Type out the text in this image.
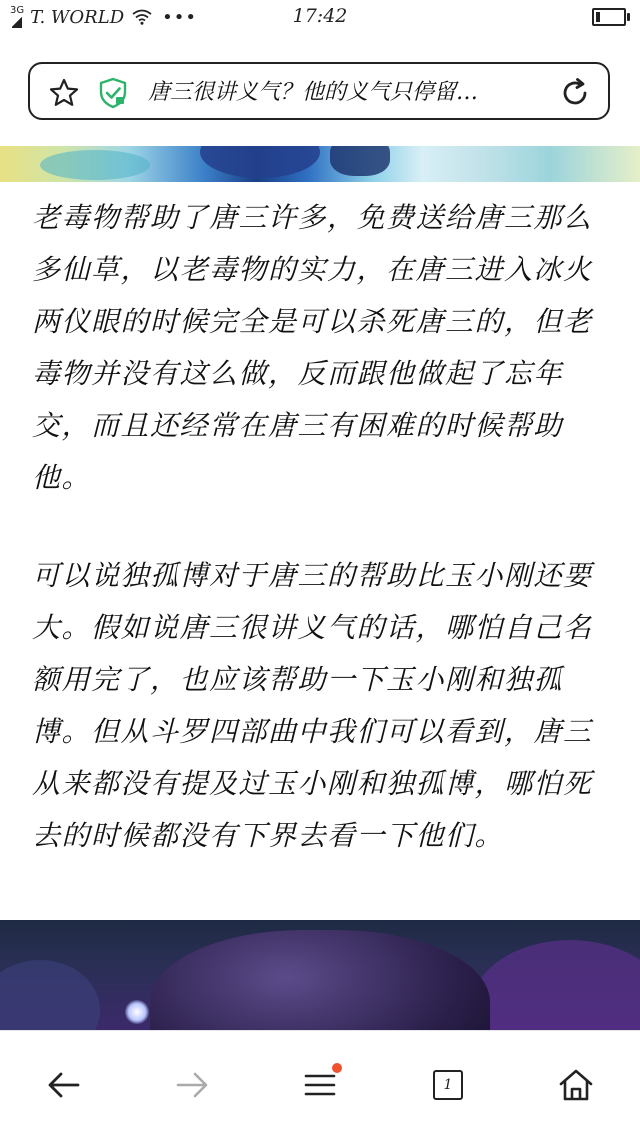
3G T. WORLD •••	17:42
唐三很讲义气？他的义气只停留…

老毒物帮助了唐三许多，免费送给唐三那么多仙草，以老毒物的实力，在唐三进入冰火两仪眼的时候完全是可以杀死唐三的，但老毒物并没有这么做，反而跟他做起了忘年交，而且还经常在唐三有困难的时候帮助他。

可以说独孤博对于唐三的帮助比玉小刚还要大。假如说唐三很讲义气的话，哪怕自己名额用完了，也应该帮助一下玉小刚和独孤博。但从斗罗四部曲中我们可以看到，唐三从来都没有提及过玉小刚和独孤博，哪怕死去的时候都没有下界去看一下他们。

1
